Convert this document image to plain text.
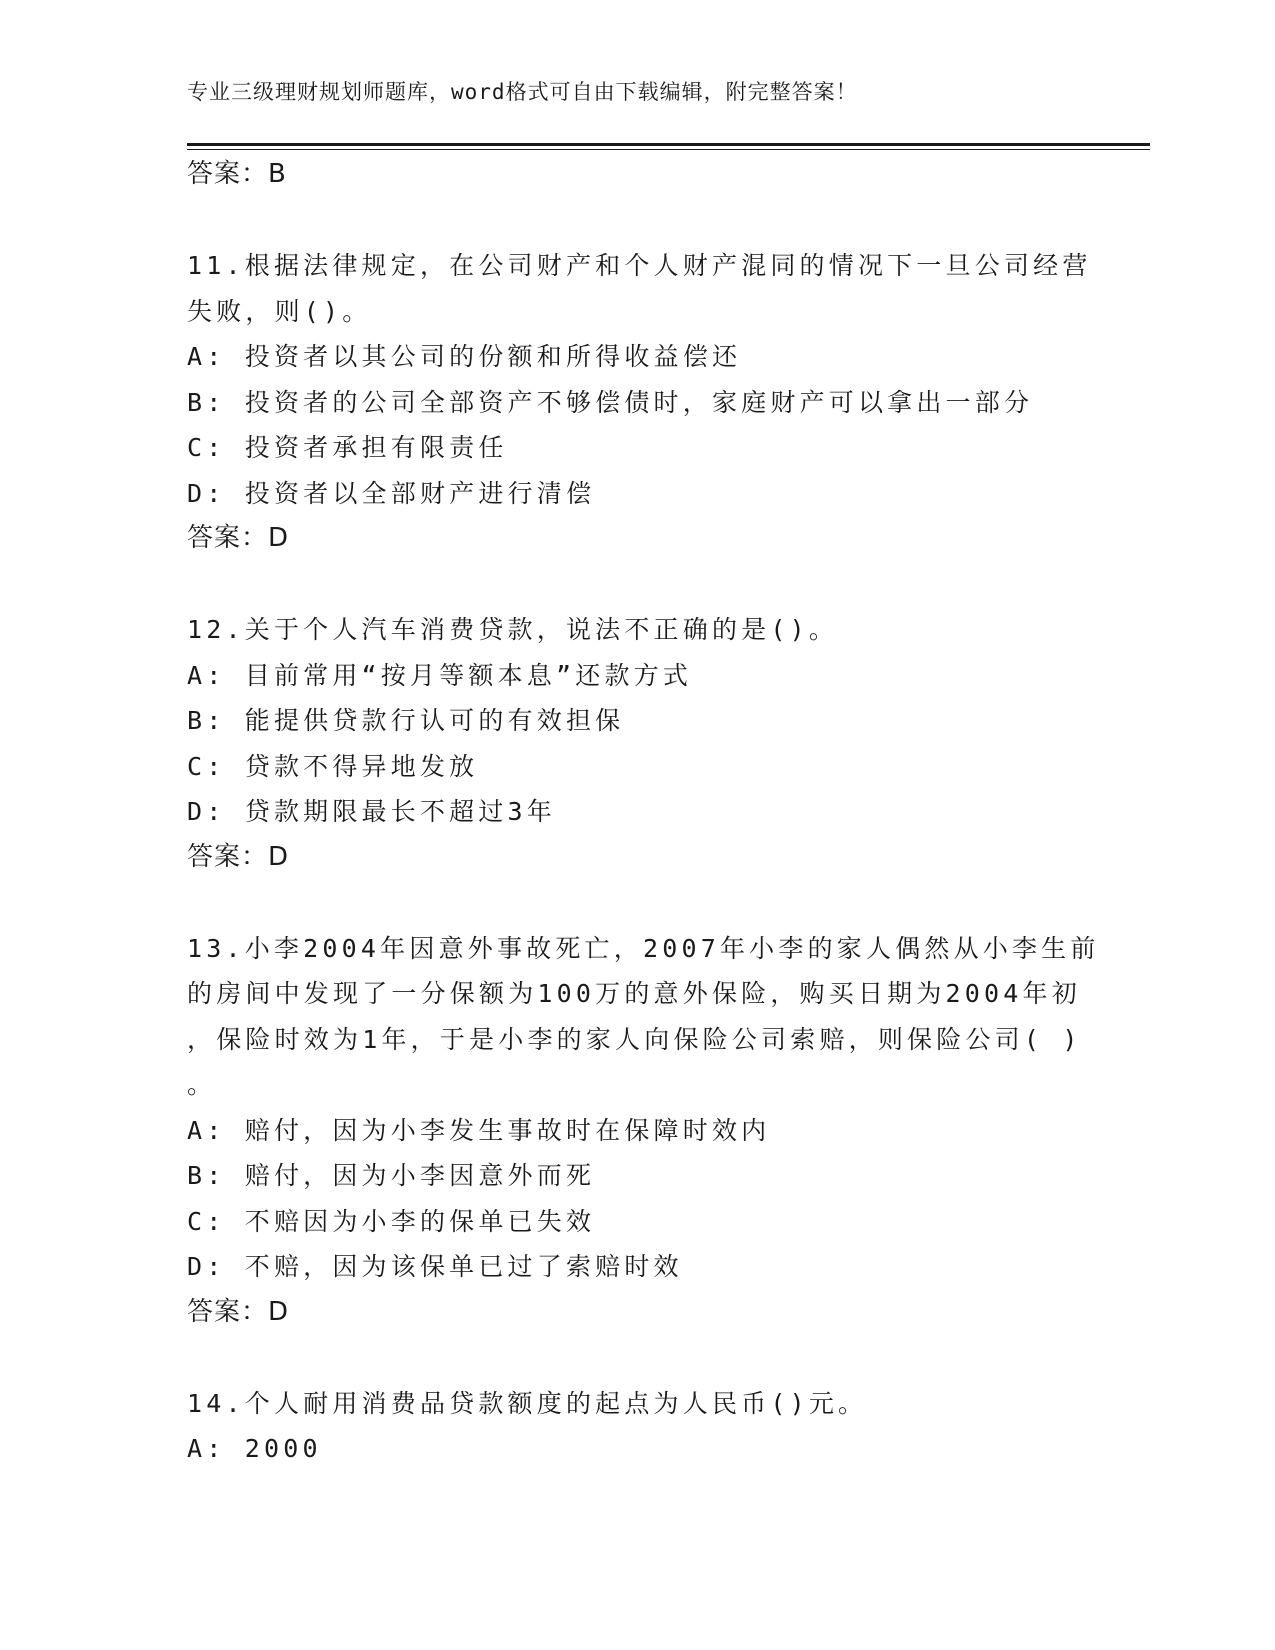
专业三级理财规划师题库，word格式可自由下载编辑，附完整答案！
答案：B
11.根据法律规定，在公司财产和个人财产混同的情况下一旦公司经营
失败，则()。
A: 投资者以其公司的份额和所得收益偿还
B: 投资者的公司全部资产不够偿债时，家庭财产可以拿出一部分
C: 投资者承担有限责任
D: 投资者以全部财产进行清偿
答案：D
12.关于个人汽车消费贷款，说法不正确的是()。
A: 目前常用“按月等额本息”还款方式
B: 能提供贷款行认可的有效担保
C: 贷款不得异地发放
D: 贷款期限最长不超过3年
答案：D
13.小李2004年因意外事故死亡，2007年小李的家人偶然从小李生前
的房间中发现了一分保额为100万的意外保险，购买日期为2004年初
，保险时效为1年，于是小李的家人向保险公司索赔，则保险公司( )
。
A: 赔付，因为小李发生事故时在保障时效内
B: 赔付，因为小李因意外而死
C: 不赔因为小李的保单已失效
D: 不赔，因为该保单已过了索赔时效
答案：D
14.个人耐用消费品贷款额度的起点为人民币()元。
A: 2000
